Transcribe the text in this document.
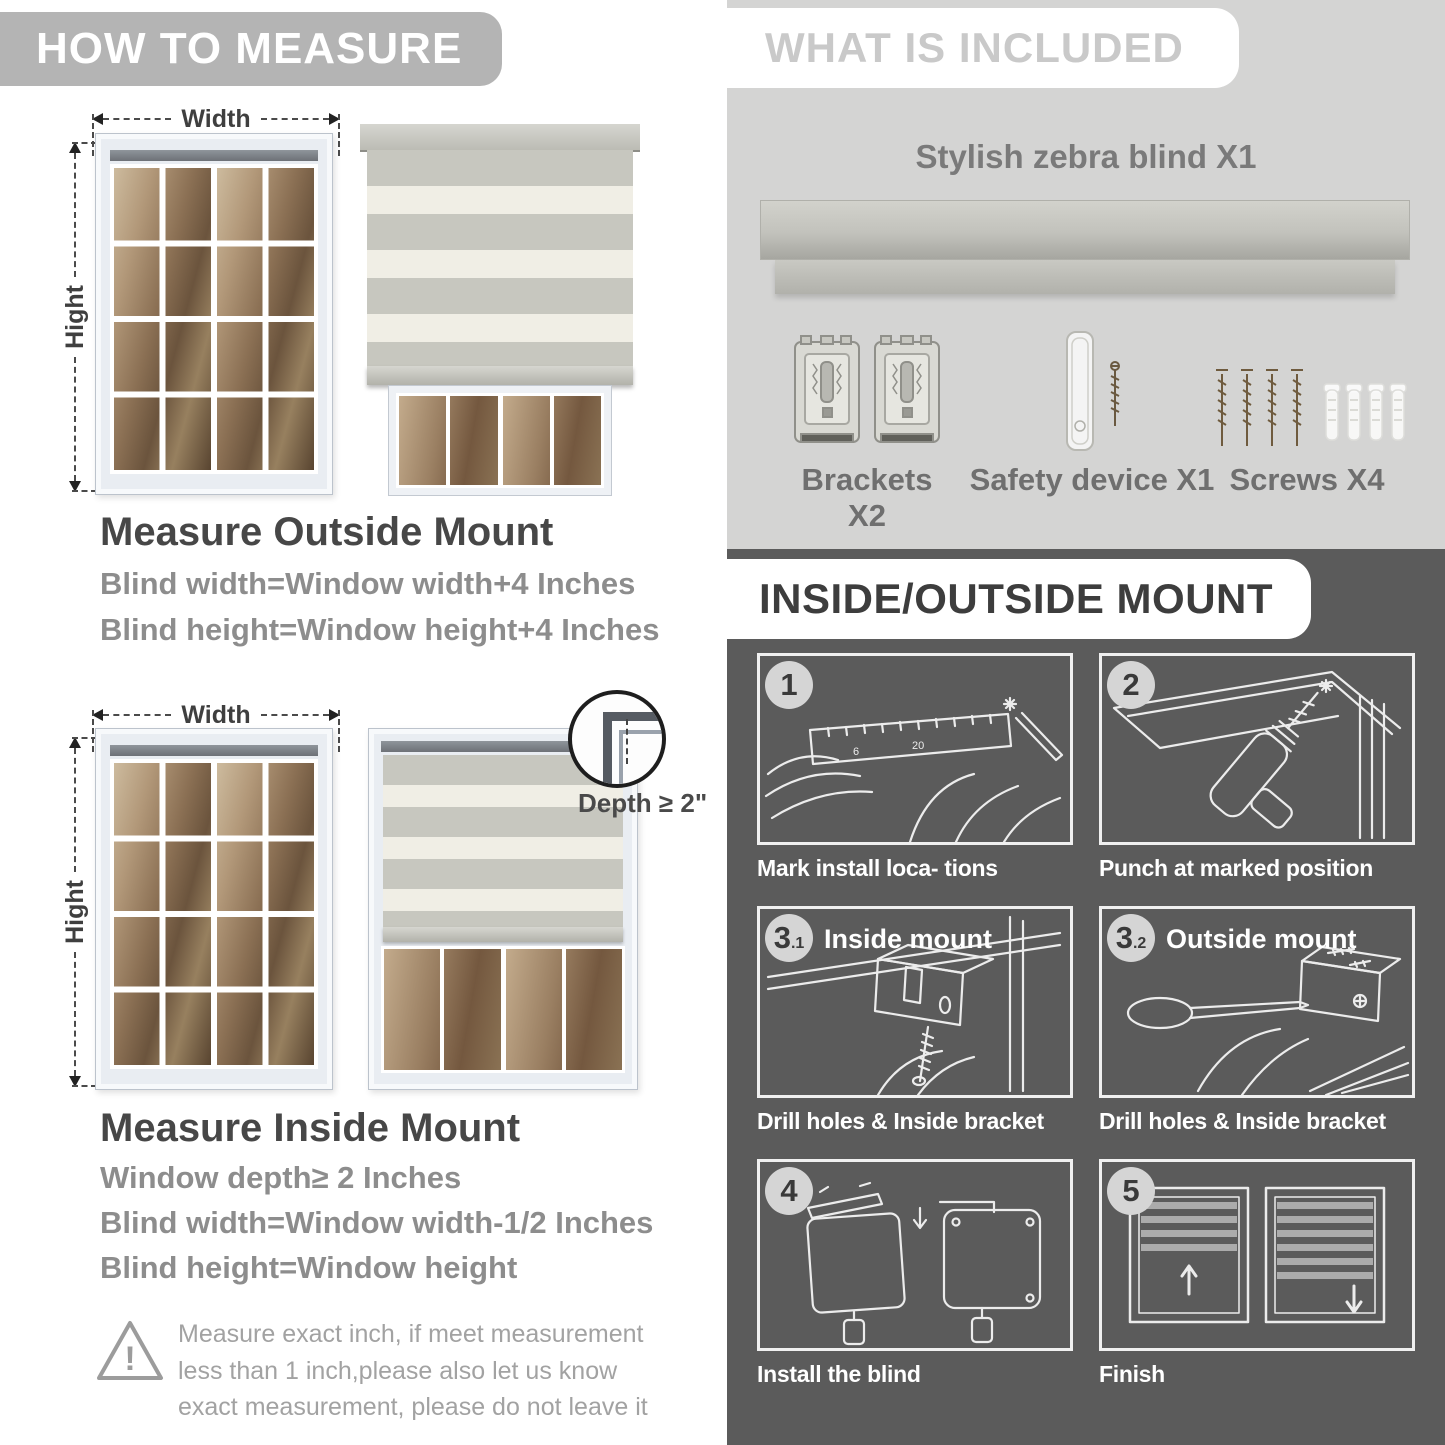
HOW TO MEASURE
Width
Hight
Measure Outside Mount
Blind width=Window width+4 Inches
Blind height=Window height+4 Inches
Width
Hight
Depth ≥ 2"
Measure Inside Mount
Window depth≥ 2 Inches
Blind width=Window width-1/2 Inches
Blind height=Window height
!
Measure exact inch, if meet measurement less than 1 inch,please also let us know exact measurement, please do not leave it
WHAT IS INCLUDED
Stylish zebra blind X1
Brackets X2
Safety device X1 Screws X4
INSIDE/OUTSIDE MOUNT
1
6	20
Mark install loca- tions
2
Punch at marked position
3 .1 Inside mount
Drill holes & Inside bracket
3 .2 Outside mount
Drill holes & Inside bracket
4
Install the blind
5
Finish
